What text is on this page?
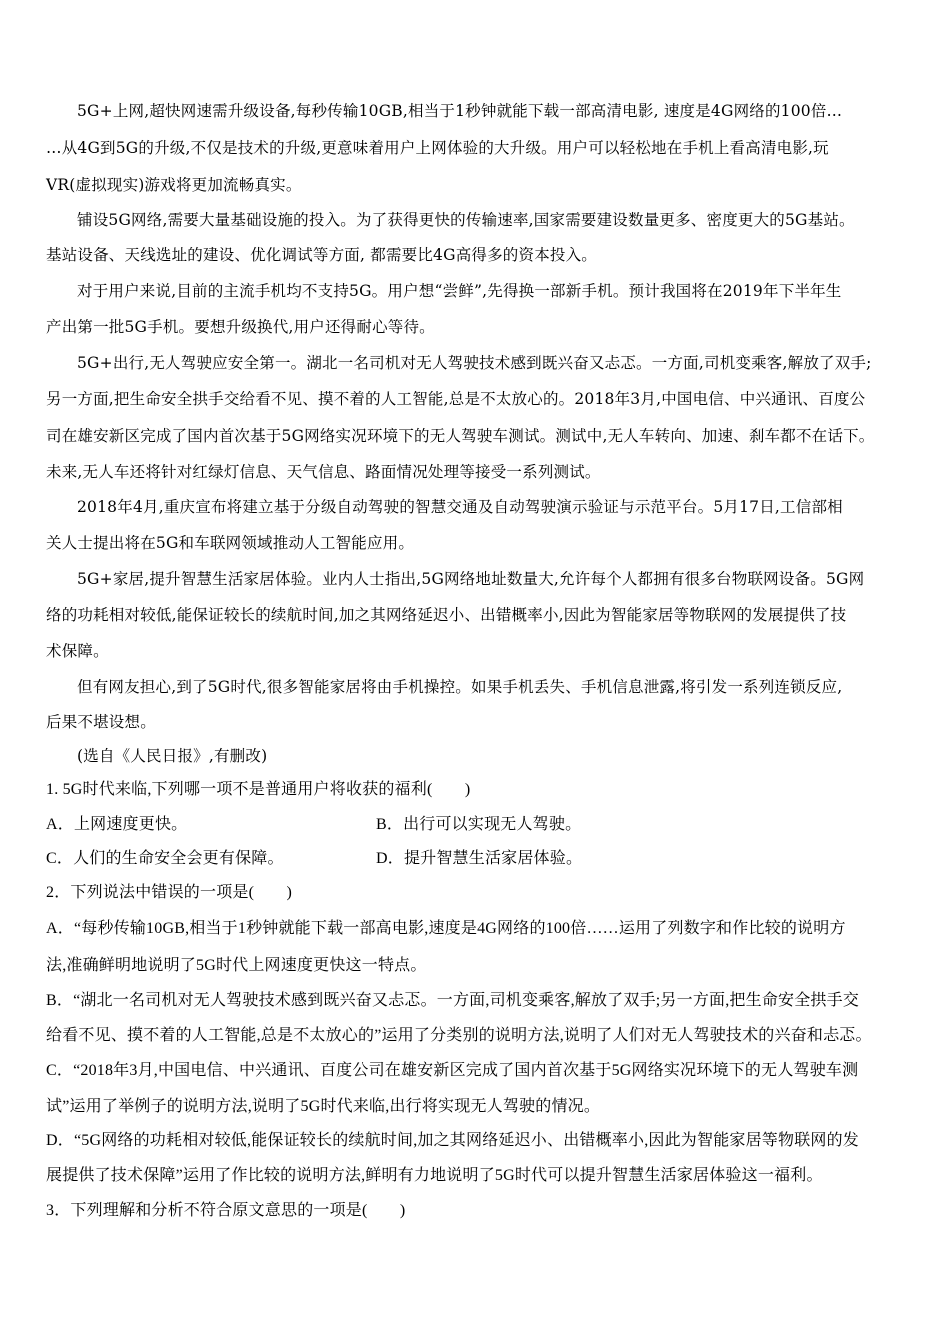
5G+上网,超快网速需升级设备,每秒传输10GB,相当于1秒钟就能下载一部高清电影, 速度是4G网络的100倍…
…从4G到5G的升级,不仅是技术的升级,更意味着用户上网体验的大升级。用户可以轻松地在手机上看高清电影,玩
VR(虚拟现实)游戏将更加流畅真实。
铺设5G网络,需要大量基础设施的投入。为了获得更快的传输速率,国家需要建设数量更多、密度更大的5G基站。
基站设备、天线选址的建设、优化调试等方面, 都需要比4G高得多的资本投入。
对于用户来说,目前的主流手机均不支持5G。用户想“尝鲜”,先得换一部新手机。预计我国将在2019年下半年生
产出第一批5G手机。要想升级换代,用户还得耐心等待。
5G+出行,无人驾驶应安全第一。湖北一名司机对无人驾驶技术感到既兴奋又忐忑。一方面,司机变乘客,解放了双手;
另一方面,把生命安全拱手交给看不见、摸不着的人工智能,总是不太放心的。2018年3月,中国电信、中兴通讯、百度公
司在雄安新区完成了国内首次基于5G网络实况环境下的无人驾驶车测试。测试中,无人车转向、加速、刹车都不在话下。
未来,无人车还将针对红绿灯信息、天气信息、路面情况处理等接受一系列测试。
2018年4月,重庆宣布将建立基于分级自动驾驶的智慧交通及自动驾驶演示验证与示范平台。5月17日,工信部相
关人士提出将在5G和车联网领域推动人工智能应用。
5G+家居,提升智慧生活家居体验。业内人士指出,5G网络地址数量大,允许每个人都拥有很多台物联网设备。5G网
络的功耗相对较低,能保证较长的续航时间,加之其网络延迟小、出错概率小,因此为智能家居等物联网的发展提供了技
术保障。
但有网友担心,到了5G时代,很多智能家居将由手机操控。如果手机丢失、手机信息泄露,将引发一系列连锁反应,
后果不堪设想。
(选自《人民日报》,有删改)
1. 5G时代来临,下列哪一项不是普通用户将收获的福利(　　)
A．上网速度更快。	B．出行可以实现无人驾驶。
C．人们的生命安全会更有保障。	D．提升智慧生活家居体验。
2．下列说法中错误的一项是(　　)
A．“每秒传输10GB,相当于1秒钟就能下载一部高电影,速度是4G网络的100倍……运用了列数字和作比较的说明方
法,准确鲜明地说明了5G时代上网速度更快这一特点。
B．“湖北一名司机对无人驾驶技术感到既兴奋又忐忑。一方面,司机变乘客,解放了双手;另一方面,把生命安全拱手交
给看不见、摸不着的人工智能,总是不太放心的”运用了分类别的说明方法,说明了人们对无人驾驶技术的兴奋和忐忑。
C．“2018年3月,中国电信、中兴通讯、百度公司在雄安新区完成了国内首次基于5G网络实况环境下的无人驾驶车测
试”运用了举例子的说明方法,说明了5G时代来临,出行将实现无人驾驶的情况。
D．“5G网络的功耗相对较低,能保证较长的续航时间,加之其网络延迟小、出错概率小,因此为智能家居等物联网的发
展提供了技术保障”运用了作比较的说明方法,鲜明有力地说明了5G时代可以提升智慧生活家居体验这一福利。
3．下列理解和分析不符合原文意思的一项是(　　)
